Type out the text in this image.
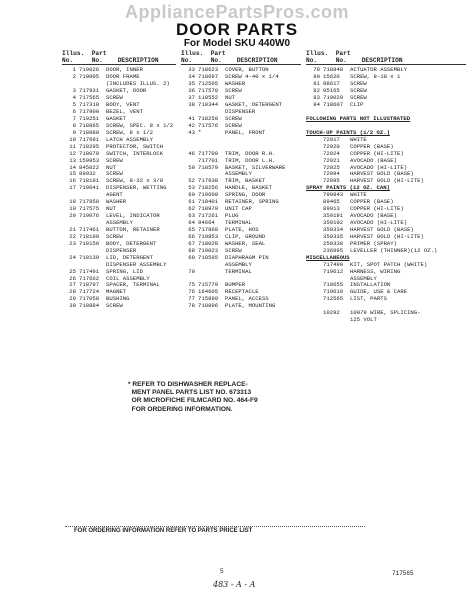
AppliancePartsPros.com
DOOR PARTS
For Model SKU 440W0
Illus.  Part
No.	No. DESCRIPTION
1 719026 DOOR, INNER
2 719005 DOOR FRAME
(INCLUDES ILLUS. 2)
3 717931 GASKET, DOOR
4 717565 SCREW
5 717318 BODY, VENT
6 717900 BEZEL, VENT
7 719251 GASKET
8 718865 SCREW, SPEC. 8 x 1/2
9 718880 SCREW, 8 x 1/2
10 717691 LATCH ASSEMBLY
11 718295 PROTECTOR, SWITCH
12 718070 SWITCH, INTERLOCK
13 159953 SCREW
14 845022 NUT
15 89932 SCREW
16 718191 SCREW, 8-32 x 3/8
17 719041 DISPENSER, WETTING
AGENT
18 717850 WASHER
19 717575 NUT
20 719076 LEVEL, INDICATOR
ASSEMBLY
21 717461 BUTTON, RETAINER
22 718199 SCREW
23 718150 BODY, DETERGENT
DISPENSER
24 718139 LID, DETERGENT
DISPENSER ASSEMBLY
25 717491 SPRING, LID
26 717662 COIL ASSEMBLY
27 718797 SPACER, TERMINAL
28 717724 MAGNET
29 717058 BUSHING
30 718884 SCREW
Illus.  Part
No.	No. DESCRIPTION
33 718623 COVER, BUTTON
34 718697 SCREW 4-40 x 1/4
35 712505 WASHER
36 717570 SCREW
37 118552 NUT
38 718344 GASKET, DETERGENT
DISPENSER
41 718250 SCREW
42 717576 SCREW
43 *	PANEL, FRONT
46 717700 TRIM, DOOR R.H.
717701 TRIM, DOOR L.H.
50 718579 BASKET, SILVERWARE
ASSEMBLY
52 717938 TRIM, BASKET
53 718256 HANDLE, BASKET
60 719600 SPRING, DOOR
61 718401 RETAINER, SPRING
62 718970 UNIT CAP
63 717261 PLUG
64 94664 TERMINAL
65 717868 PLATE, HOS
66 719853 CLIP, GROUND
67 718028 WASHER, SEAL
68 719023 SCREW
69 718595 DIAPHRAGM PIN
ASSEMBLY
70	TERMINAL
75 715779 BUMPER
76 164605 RECEPTACLE
77 715899 PANEL, ACCESS
78 718896 PLATE, MOUNTING
Illus.  Part
No.	No. DESCRIPTION
79 718848 ACTUATOR ASSEMBLY
80 15620 SCREW, 8-18 x 1
81 88617 SCREW
82 95165 SCREW
83 719029 SCREW
84 718607 CLIP
FOLLOWING PARTS NOT ILLUSTRATED
TOUCH-UP PAINTS (1/2 OZ.)
72017 WHITE
72020 COPPER (BASE)
72024 COPPER (HI-LITE)
72021 AVOCADO (BASE)
72025 AVOCADO (HI-LITE)
72094 HARVEST GOLD (BASE)
72095 HARVEST GOLD (HI-LITE)
SPRAY PAINTS (12 OZ. CAN)
799843 WHITE
89465 COPPER (BASE)
89913 COPPER (HI-LITE)
350191 AVOCADO (BASE)
350192 AVOCADO (HI-LITE)
350334 HARVEST GOLD (BASE)
350335 HARVEST GOLD (HI-LITE)
250338 PRIMER (SPRAY)
236995 LEVELLER (THINNER)(12 OZ.)
MISCELLANEOUS
717490 KIT, SPOT PATCH (WHITE)
719612 HARNESS, WIRING
ASSEMBLY
719655 INSTALLATION
719610 GUIDE, USE & CARE
712565 LIST, PARTS
10292 10079 WIRE, SPLICING-
125 VOLT
* REFER TO DISHWASHER REPLACE-
MENT PANEL PARTS LIST NO. 673313
OR MICROFICHE FILMCARD NO. 464-F9
FOR ORDERING INFORMATION.
FOR ORDERING INFORMATION REFER TO PARTS PRICE LIST
5	717565
483 - A - A
